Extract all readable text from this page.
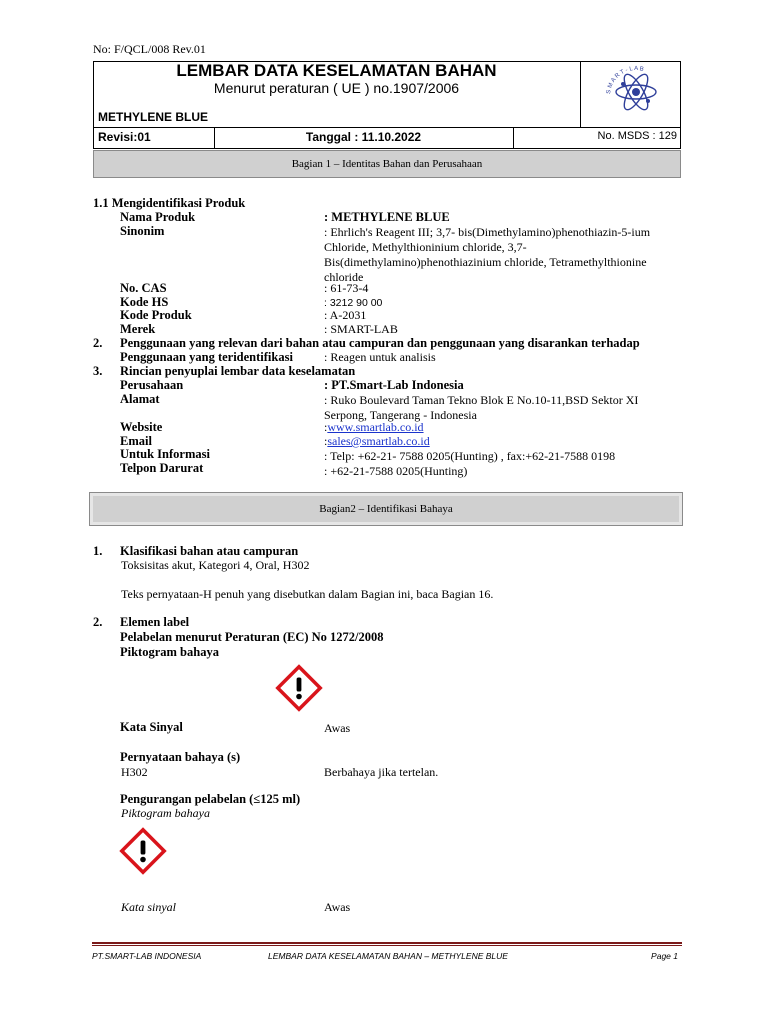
No: F/QCL/008 Rev.01
LEMBAR DATA KESELAMATAN BAHAN
Menurut peraturan ( UE ) no.1907/2006
METHYLENE BLUE
Revisi:01	Tanggal : 11.10.2022	No. MSDS : 129
S M A R T - L A B
Bagian 1 – Identitas Bahan dan Perusahaan
1.1 Mengidentifikasi Produk
Nama Produk	: METHYLENE BLUE
Sinonim	: Ehrlich's Reagent III; 3,7- bis(Dimethylamino)phenothiazin-5-ium Chloride, Methylthioninium chloride, 3,7-Bis(dimethylamino)phenothiazinium chloride, Tetramethylthionine chloride
No. CAS	: 61-73-4
Kode HS	: 3212 90 00
Kode Produk	: A-2031
Merek	: SMART-LAB
2. Penggunaan yang relevan dari bahan atau campuran dan penggunaan yang disarankan terhadap
Penggunaan yang teridentifikasi	: Reagen untuk analisis
3. Rincian penyuplai lembar data keselamatan
Perusahaan	: PT.Smart-Lab Indonesia
Alamat	: Ruko Boulevard Taman Tekno Blok E No.10-11,BSD Sektor XI Serpong, Tangerang - Indonesia
Website	:www.smartlab.co.id
Email	:sales@smartlab.co.id
Untuk Informasi	: Telp: +62-21- 7588 0205(Hunting) , fax:+62-21-7588 0198
Telpon Darurat	: +62-21-7588 0205(Hunting)
Bagian2 – Identifikasi Bahaya
1. Klasifikasi bahan atau campuran
Toksisitas akut, Kategori 4, Oral, H302
Teks pernyataan-H penuh yang disebutkan dalam Bagian ini, baca Bagian 16.
2. Elemen label
Pelabelan menurut Peraturan (EC) No 1272/2008
Piktogram bahaya
Kata Sinyal	Awas
Pernyataan bahaya (s)
H302	Berbahaya jika tertelan.
Pengurangan pelabelan (≤125 ml)
Piktogram bahaya
Kata sinyal	Awas
PT.SMART-LAB INDONESIA	LEMBAR DATA KESELAMATAN BAHAN – METHYLENE BLUE	Page 1
